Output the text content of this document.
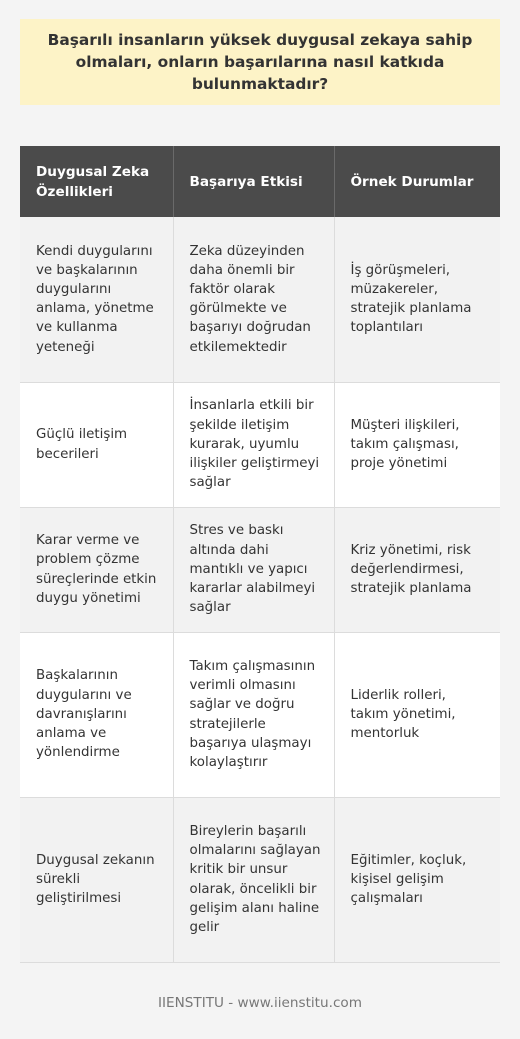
Başarılı insanların yüksek duygusal zekaya sahip olmaları, onların başarılarına nasıl katkıda bulunmaktadır?
Duygusal Zeka Özellikleri	Başarıya Etkisi	Örnek Durumlar
Kendi duygularını ve başkalarının duygularını anlama, yönetme ve kullanma yeteneği	Zeka düzeyinden daha önemli bir faktör olarak görülmekte ve başarıyı doğrudan etkilemektedir	İş görüşmeleri, müzakereler, stratejik planlama toplantıları
Güçlü iletişim becerileri	İnsanlarla etkili bir şekilde iletişim kurarak, uyumlu ilişkiler geliştirmeyi sağlar	Müşteri ilişkileri, takım çalışması, proje yönetimi
Karar verme ve problem çözme süreçlerinde etkin duygu yönetimi	Stres ve baskı altında dahi mantıklı ve yapıcı kararlar alabilmeyi sağlar	Kriz yönetimi, risk değerlendirmesi, stratejik planlama
Başkalarının duygularını ve davranışlarını anlama ve yönlendirme	Takım çalışmasının verimli olmasını sağlar ve doğru stratejilerle başarıya ulaşmayı kolaylaştırır	Liderlik rolleri, takım yönetimi, mentorluk
Duygusal zekanın sürekli geliştirilmesi	Bireylerin başarılı olmalarını sağlayan kritik bir unsur olarak, öncelikli bir gelişim alanı haline gelir	Eğitimler, koçluk, kişisel gelişim çalışmaları
IIENSTITU - www.iienstitu.com
